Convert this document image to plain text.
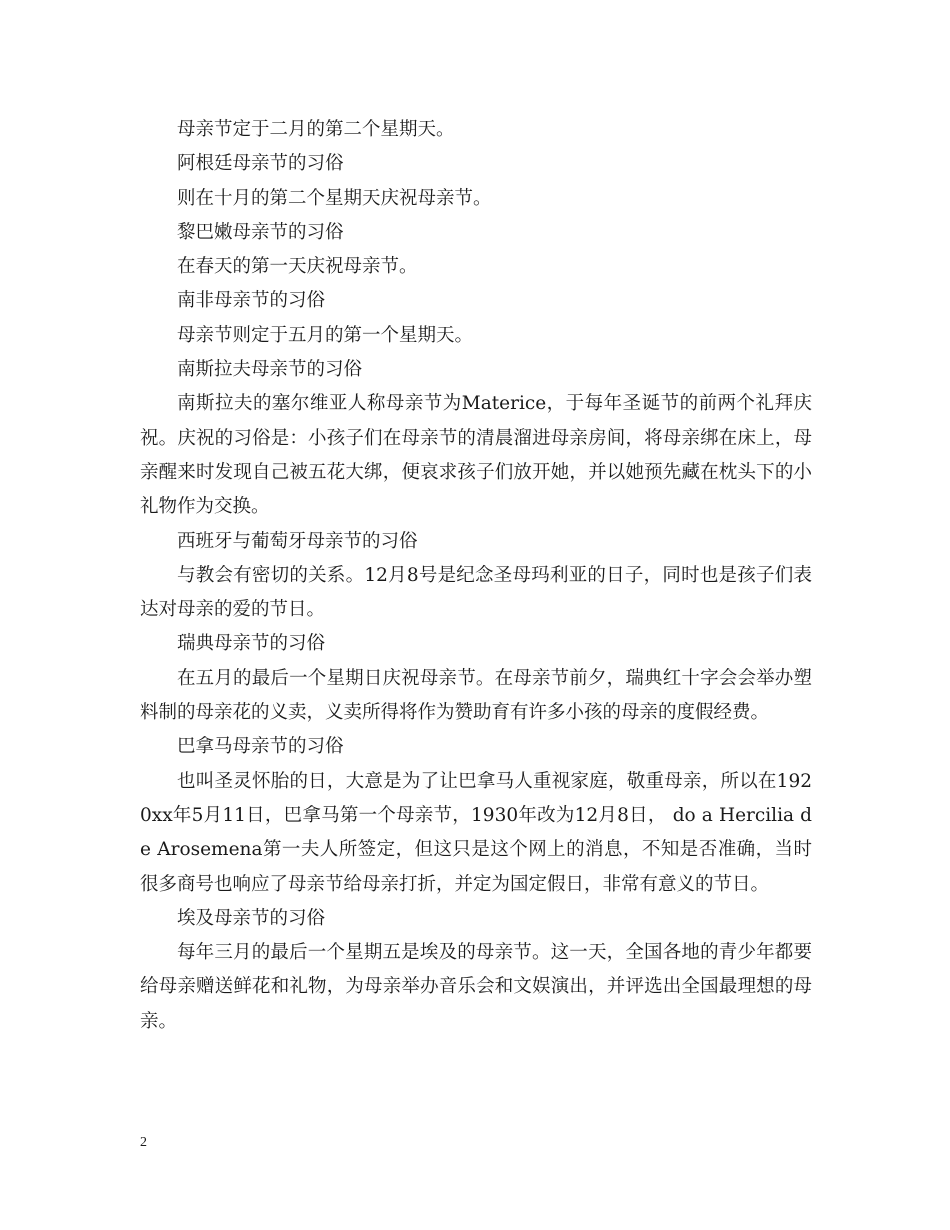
母亲节定于二月的第二个星期天。

阿根廷母亲节的习俗

则在十月的第二个星期天庆祝母亲节。

黎巴嫩母亲节的习俗

在春天的第一天庆祝母亲节。

南非母亲节的习俗

母亲节则定于五月的第一个星期天。

南斯拉夫母亲节的习俗

南斯拉夫的塞尔维亚人称母亲节为Materice，于每年圣诞节的前两个礼拜庆祝。庆祝的习俗是：小孩子们在母亲节的清晨溜进母亲房间，将母亲绑在床上，母亲醒来时发现自己被五花大绑，便哀求孩子们放开她，并以她预先藏在枕头下的小礼物作为交换。

西班牙与葡萄牙母亲节的习俗

与教会有密切的关系。12月8号是纪念圣母玛利亚的日子，同时也是孩子们表达对母亲的爱的节日。

瑞典母亲节的习俗

在五月的最后一个星期日庆祝母亲节。在母亲节前夕，瑞典红十字会会举办塑料制的母亲花的义卖，义卖所得将作为赞助育有许多小孩的母亲的度假经费。

巴拿马母亲节的习俗

也叫圣灵怀胎的日，大意是为了让巴拿马人重视家庭，敬重母亲，所以在1920xx年5月11日，巴拿马第一个母亲节，1930年改为12月8日， do a Hercilia de Arosemena第一夫人所签定，但这只是这个网上的消息，不知是否准确，当时很多商号也响应了母亲节给母亲打折，并定为国定假日，非常有意义的节日。

埃及母亲节的习俗

每年三月的最后一个星期五是埃及的母亲节。这一天，全国各地的青少年都要给母亲赠送鲜花和礼物，为母亲举办音乐会和文娱演出，并评选出全国最理想的母亲。

2
